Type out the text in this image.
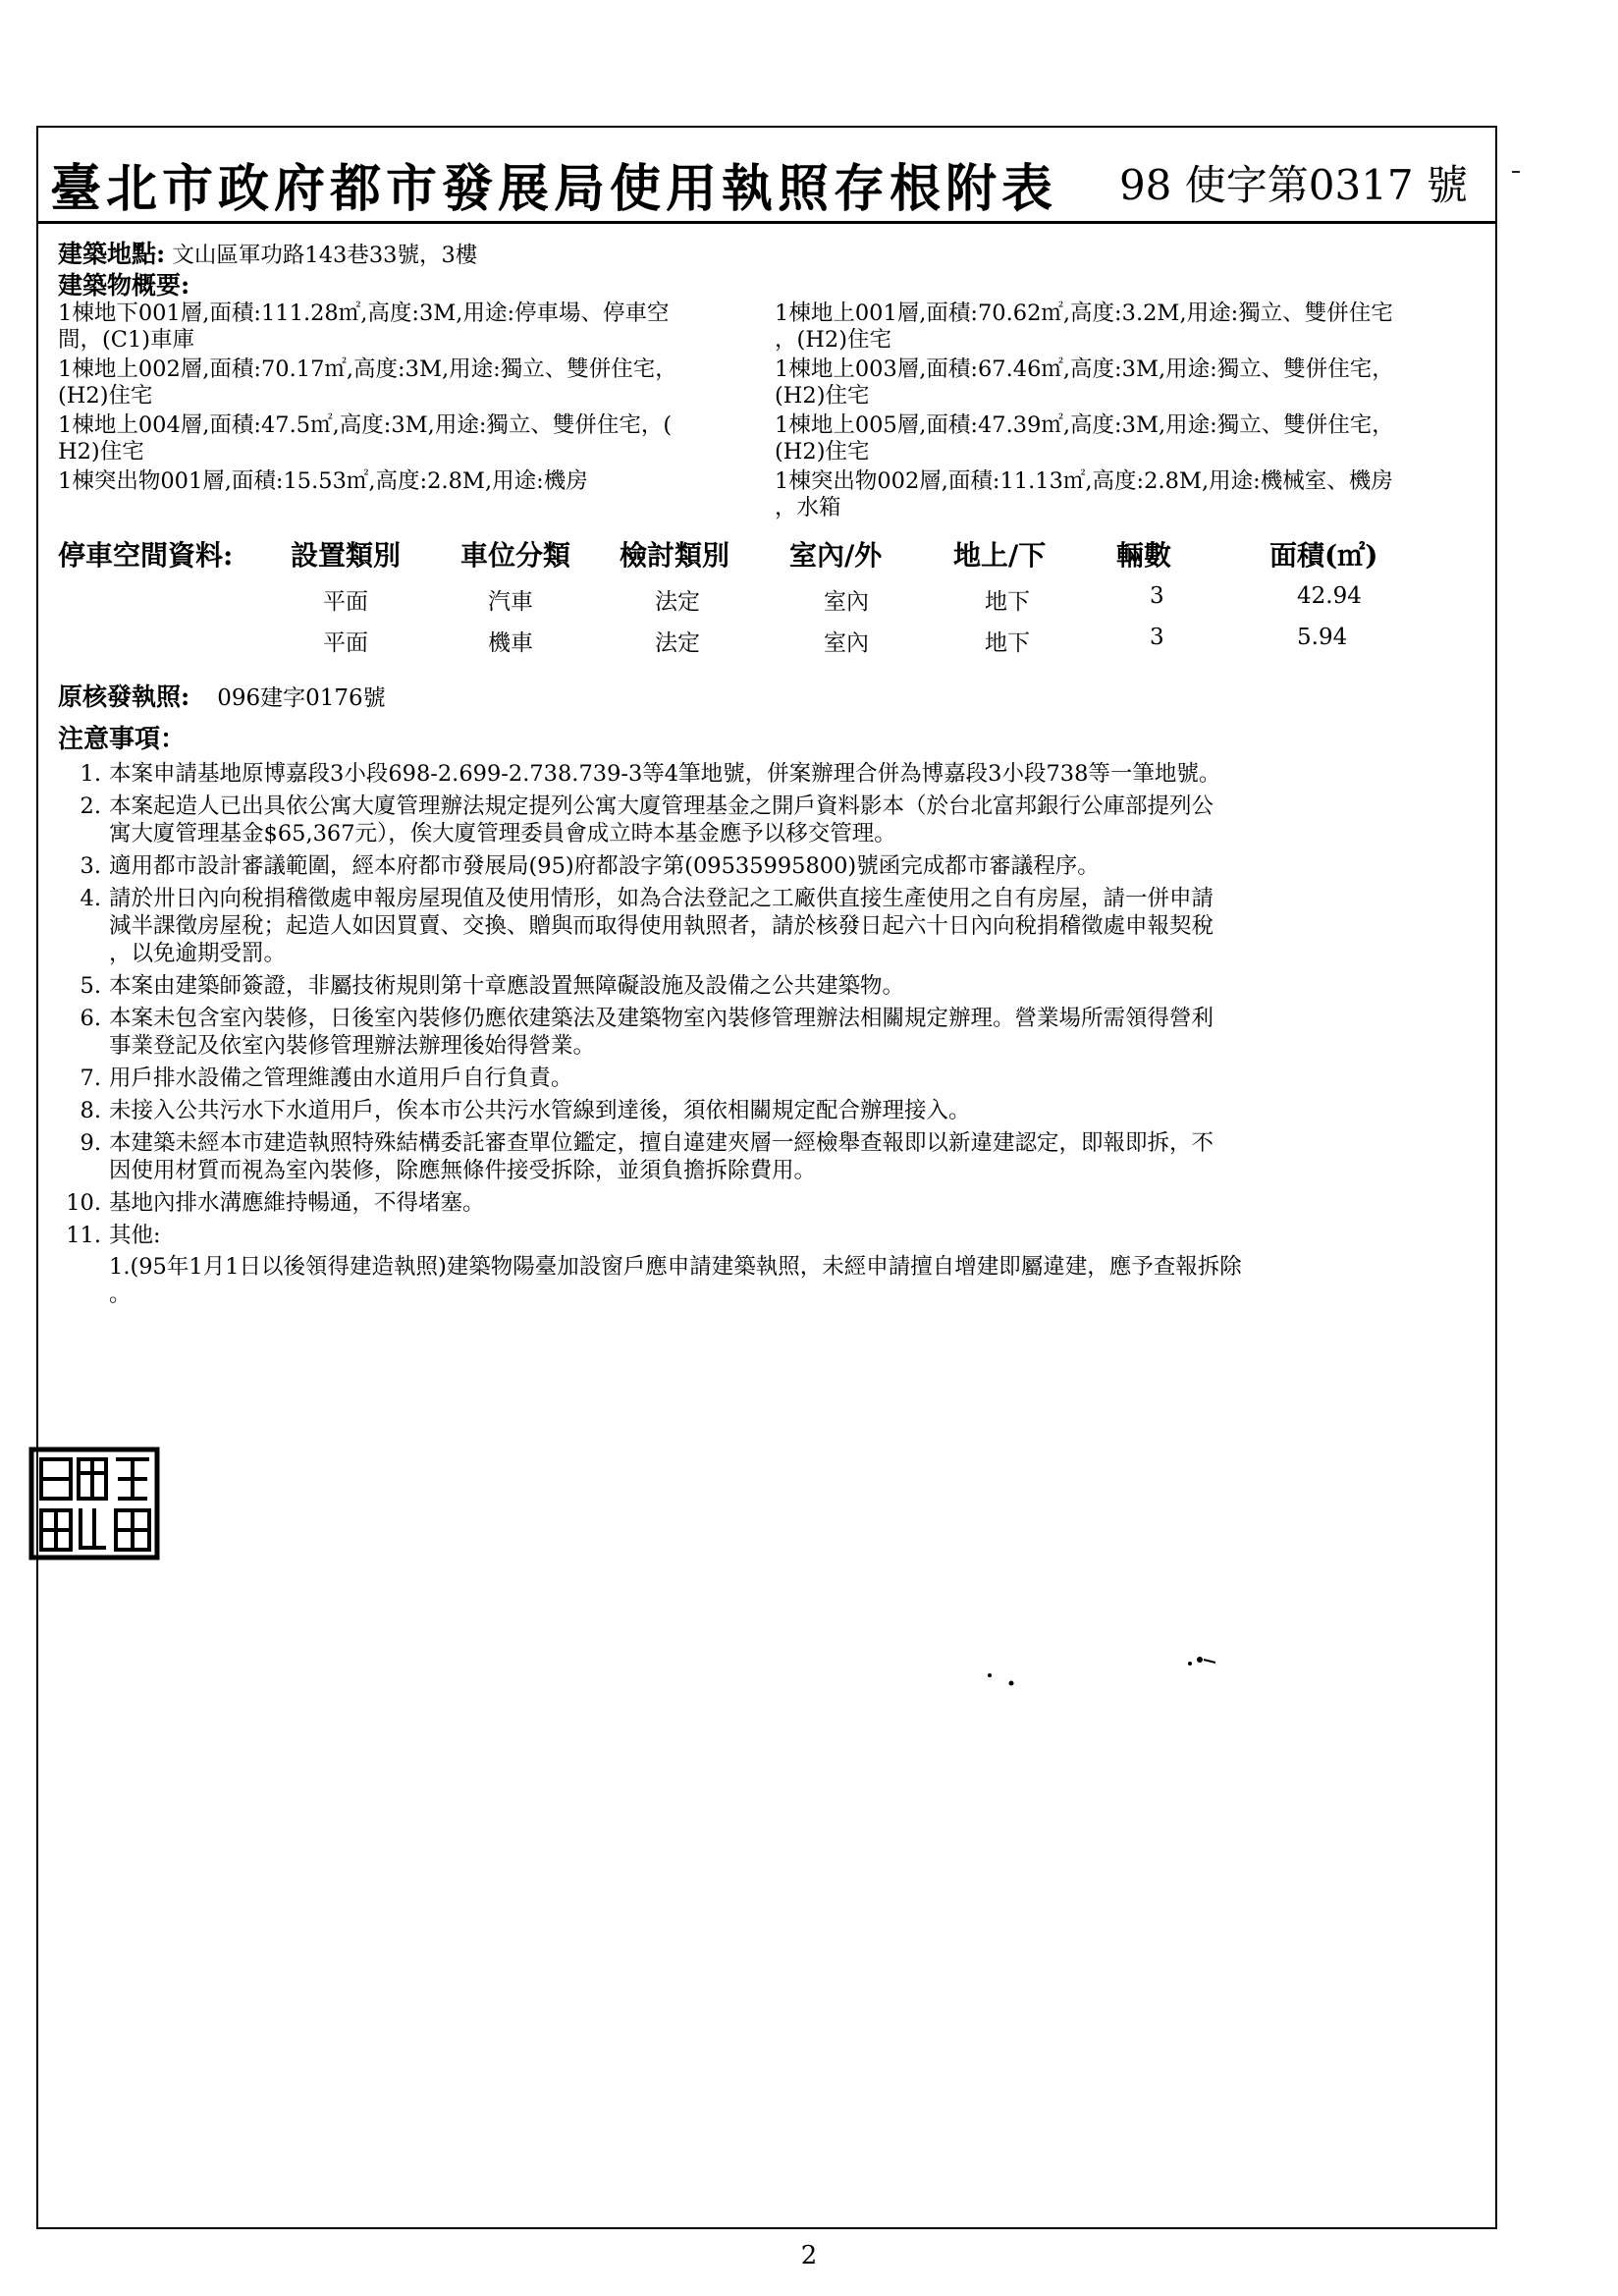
臺北市政府都市發展局使用執照存根附表 98 使字第0317 號
建築地點: 文山區軍功路143巷33號，3樓
建築物概要:
1棟地下001層,面積:111.28㎡,高度:3M,用途:停車場、停車空
間，(C1)車庫
1棟地上001層,面積:70.62㎡,高度:3.2M,用途:獨立、雙併住宅
，(H2)住宅
1棟地上002層,面積:70.17㎡,高度:3M,用途:獨立、雙併住宅，
(H2)住宅
1棟地上003層,面積:67.46㎡,高度:3M,用途:獨立、雙併住宅，
(H2)住宅
1棟地上004層,面積:47.5㎡,高度:3M,用途:獨立、雙併住宅，(
H2)住宅
1棟地上005層,面積:47.39㎡,高度:3M,用途:獨立、雙併住宅，
(H2)住宅
1棟突出物001層,面積:15.53㎡,高度:2.8M,用途:機房	1棟突出物002層,面積:11.13㎡,高度:2.8M,用途:機械室、機房
，水箱
停車空間資料: 設置類別 車位分類 檢討類別 室內/外	地上/下	輛數	面積(㎡)
平面	汽車	法定	室內	地下	3	42.94
平面	機車	法定	室內	地下	3	5.94
原核發執照: 096建字0176號
注意事項：
1. 本案申請基地原博嘉段3小段698-2.699-2.738.739-3等4筆地號，併案辦理合併為博嘉段3小段738等一筆地號。
2. 本案起造人已出具依公寓大廈管理辦法規定提列公寓大廈管理基金之開戶資料影本（於台北富邦銀行公庫部提列公
寓大廈管理基金$65,367元），俟大廈管理委員會成立時本基金應予以移交管理。
3. 適用都市設計審議範圍，經本府都市發展局(95)府都設字第(09535995800)號函完成都市審議程序。
4. 請於卅日內向稅捐稽徵處申報房屋現值及使用情形，如為合法登記之工廠供直接生產使用之自有房屋，請一併申請
減半課徵房屋稅；起造人如因買賣、交換、贈與而取得使用執照者，請於核發日起六十日內向稅捐稽徵處申報契稅
，以免逾期受罰。
5. 本案由建築師簽證，非屬技術規則第十章應設置無障礙設施及設備之公共建築物。
6. 本案未包含室內裝修，日後室內裝修仍應依建築法及建築物室內裝修管理辦法相關規定辦理。營業場所需領得營利
事業登記及依室內裝修管理辦法辦理後始得營業。
7. 用戶排水設備之管理維護由水道用戶自行負責。
8. 未接入公共污水下水道用戶，俟本市公共污水管線到達後，須依相關規定配合辦理接入。
9. 本建築未經本市建造執照特殊結構委託審查單位鑑定，擅自違建夾層一經檢舉查報即以新違建認定，即報即拆，不
因使用材質而視為室內裝修，除應無條件接受拆除，並須負擔拆除費用。
10. 基地內排水溝應維持暢通，不得堵塞。
11. 其他:
1.(95年1月1日以後領得建造執照)建築物陽臺加設窗戶應申請建築執照，未經申請擅自增建即屬違建，應予查報拆除
。
2
